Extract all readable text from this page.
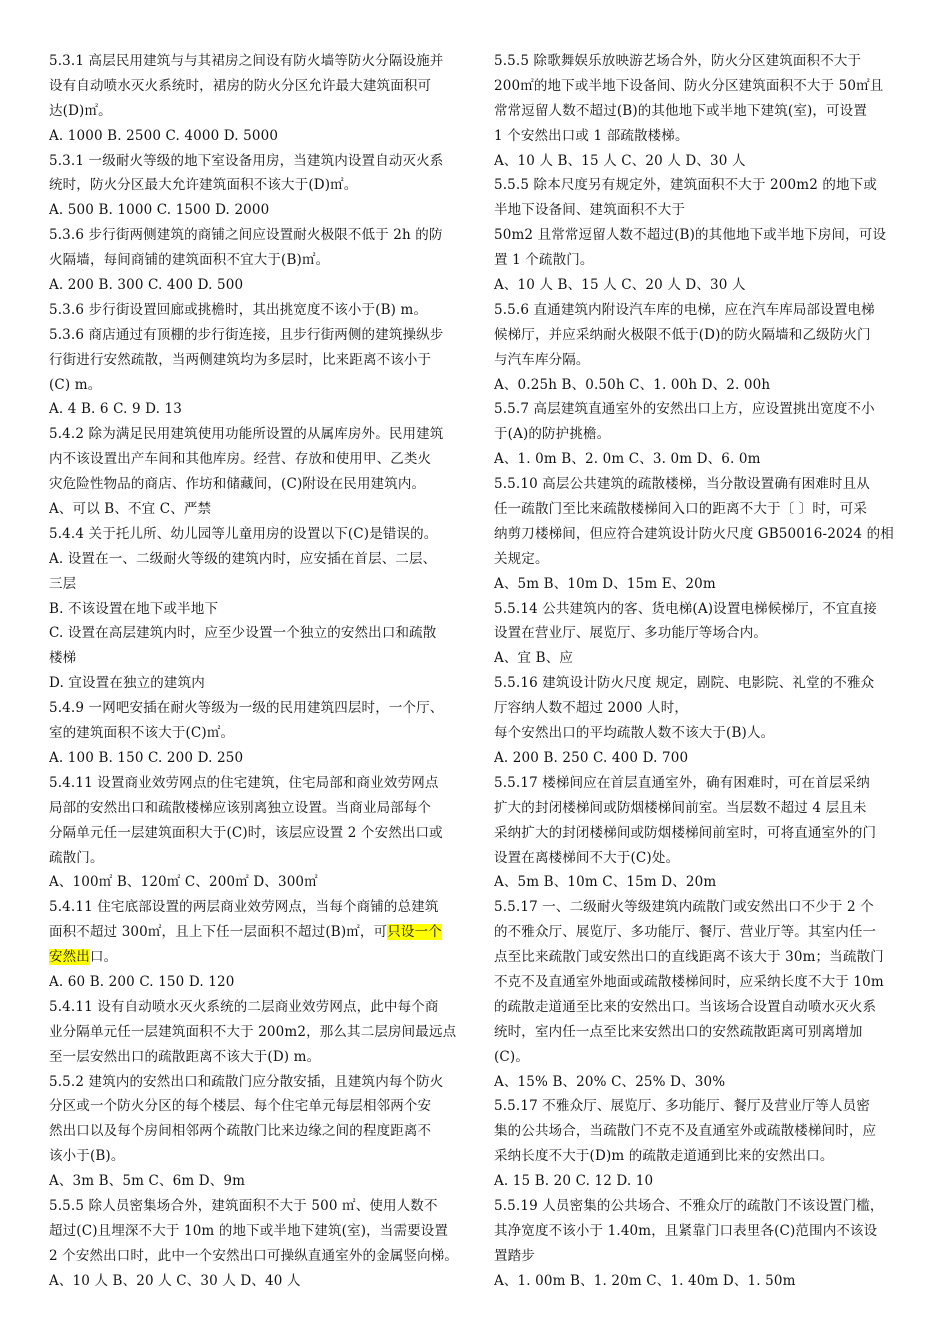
5.3.1 高层民用建筑与与其裙房之间设有防火墙等防火分隔设施并
设有自动喷水灭火系统时，裙房的防火分区允许最大建筑面积可
达(D)㎡。
A. 1000 B. 2500 C. 4000 D. 5000
5.3.1 一级耐火等级的地下室设备用房，当建筑内设置自动灭火系
统时，防火分区最大允许建筑面积不该大于(D)㎡。
A. 500 B. 1000 C. 1500 D. 2000
5.3.6 步行街两侧建筑的商铺之间应设置耐火极限不低于 2h 的防
火隔墙，每间商铺的建筑面积不宜大于(B)㎡。
A. 200 B. 300 C. 400 D. 500
5.3.6 步行街设置回廊或挑檐时，其出挑宽度不该小于(B) m。
5.3.6 商店通过有顶棚的步行街连接，且步行街两侧的建筑操纵步
行街进行安然疏散，当两侧建筑均为多层时，比来距离不该小于
(C) m。
A. 4 B. 6 C. 9 D. 13
5.4.2 除为满足民用建筑使用功能所设置的从属库房外。民用建筑
内不该设置出产车间和其他库房。经营、存放和使用甲、乙类火
灾危险性物品的商店、作坊和储藏间，(C)附设在民用建筑内。
A、可以 B、不宜 C、严禁
5.4.4 关于托儿所、幼儿园等儿童用房的设置以下(C)是错误的。
A. 设置在一、二级耐火等级的建筑内时，应安插在首层、二层、
三层
B. 不该设置在地下或半地下
C. 设置在高层建筑内时，应至少设置一个独立的安然出口和疏散
楼梯
D. 宜设置在独立的建筑内
5.4.9 一网吧安插在耐火等级为一级的民用建筑四层时，一个厅、
室的建筑面积不该大于(C)㎡。
A. 100 B. 150 C. 200 D. 250
5.4.11 设置商业效劳网点的住宅建筑，住宅局部和商业效劳网点
局部的安然出口和疏散楼梯应该别离独立设置。当商业局部每个
分隔单元任一层建筑面积大于(C)时，该层应设置 2 个安然出口或
疏散门。
A、100㎡ B、120㎡ C、200㎡ D、300㎡
5.4.11 住宅底部设置的两层商业效劳网点，当每个商铺的总建筑
面积不超过 300㎡，且上下任一层面积不超过(B)㎡，可只设一个
安然出口。
A. 60 B. 200 C. 150 D. 120
5.4.11 设有自动喷水灭火系统的二层商业效劳网点，此中每个商
业分隔单元任一层建筑面积不大于 200m2，那么其二层房间最远点
至一层安然出口的疏散距离不该大于(D) m。
5.5.2 建筑内的安然出口和疏散门应分散安插，且建筑内每个防火
分区或一个防火分区的每个楼层、每个住宅单元每层相邻两个安
然出口以及每个房间相邻两个疏散门比来边缘之间的程度距离不
该小于(B)。
A、3m B、5m C、6m D、9m
5.5.5 除人员密集场合外，建筑面积不大于 500 ㎡、使用人数不
超过(C)且埋深不大于 10m 的地下或半地下建筑(室)，当需要设置
2 个安然出口时，此中一个安然出口可操纵直通室外的金属竖向梯。
A、10 人 B、20 人 C、30 人 D、40 人
5.5.5 除歌舞娱乐放映游艺场合外，防火分区建筑面积不大于
200㎡的地下或半地下设备间、防火分区建筑面积不大于 50㎡且
常常逗留人数不超过(B)的其他地下或半地下建筑(室)，可设置
1 个安然出口或 1 部疏散楼梯。
A、10 人 B、15 人 C、20 人 D、30 人
5.5.5 除本尺度另有规定外，建筑面积不大于 200m2 的地下或
半地下设备间、建筑面积不大于
50m2 且常常逗留人数不超过(B)的其他地下或半地下房间，可设
置 1 个疏散门。
A、10 人 B、15 人 C、20 人 D、30 人
5.5.6 直通建筑内附设汽车库的电梯，应在汽车库局部设置电梯
候梯厅，并应采纳耐火极限不低于(D)的防火隔墙和乙级防火门
与汽车库分隔。
A、0.25h B、0.50h C、1. 00h D、2. 00h
5.5.7 高层建筑直通室外的安然出口上方，应设置挑出宽度不小
于(A)的防护挑檐。
A、1. 0m B、2. 0m C、3. 0m D、6. 0m
5.5.10 高层公共建筑的疏散楼梯，当分散设置确有困难时且从
任一疏散门至比来疏散楼梯间入口的距离不大于〔 〕时，可采
纳剪刀楼梯间，但应符合建筑设计防火尺度 GB50016-2024 的相
关规定。
A、5m B、10m D、15m E、20m
5.5.14 公共建筑内的客、货电梯(A)设置电梯候梯厅，不宜直接
设置在营业厅、展览厅、多功能厅等场合内。
A、宜 B、应
5.5.16 建筑设计防火尺度 规定，剧院、电影院、礼堂的不雅众
厅容纳人数不超过 2000 人时，
每个安然出口的平均疏散人数不该大于(B)人。
A. 200 B. 250 C. 400 D. 700
5.5.17 楼梯间应在首层直通室外，确有困难时，可在首层采纳
扩大的封闭楼梯间或防烟楼梯间前室。当层数不超过 4 层且未
采纳扩大的封闭楼梯间或防烟楼梯间前室时，可将直通室外的门
设置在离楼梯间不大于(C)处。
A、5m B、10m C、15m D、20m
5.5.17 一、二级耐火等级建筑内疏散门或安然出口不少于 2 个
的不雅众厅、展览厅、多功能厅、餐厅、营业厅等。其室内任一
点至比来疏散门或安然出口的直线距离不该大于 30m；当疏散门
不克不及直通室外地面或疏散楼梯间时，应采纳长度不大于 10m
的疏散走道通至比来的安然出口。当该场合设置自动喷水灭火系
统时，室内任一点至比来安然出口的安然疏散距离可别离增加
(C)。
A、15% B、20% C、25% D、30%
5.5.17 不雅众厅、展览厅、多功能厅、餐厅及营业厅等人员密
集的公共场合，当疏散门不克不及直通室外或疏散楼梯间时，应
采纳长度不大于(D)m 的疏散走道通到比来的安然出口。
A. 15 B. 20 C. 12 D. 10
5.5.19 人员密集的公共场合、不雅众厅的疏散门不该设置门槛，
其净宽度不该小于 1.40m，且紧靠门口表里各(C)范围内不该设
置踏步
A、1. 00m B、1. 20m C、1. 40m D、1. 50m
